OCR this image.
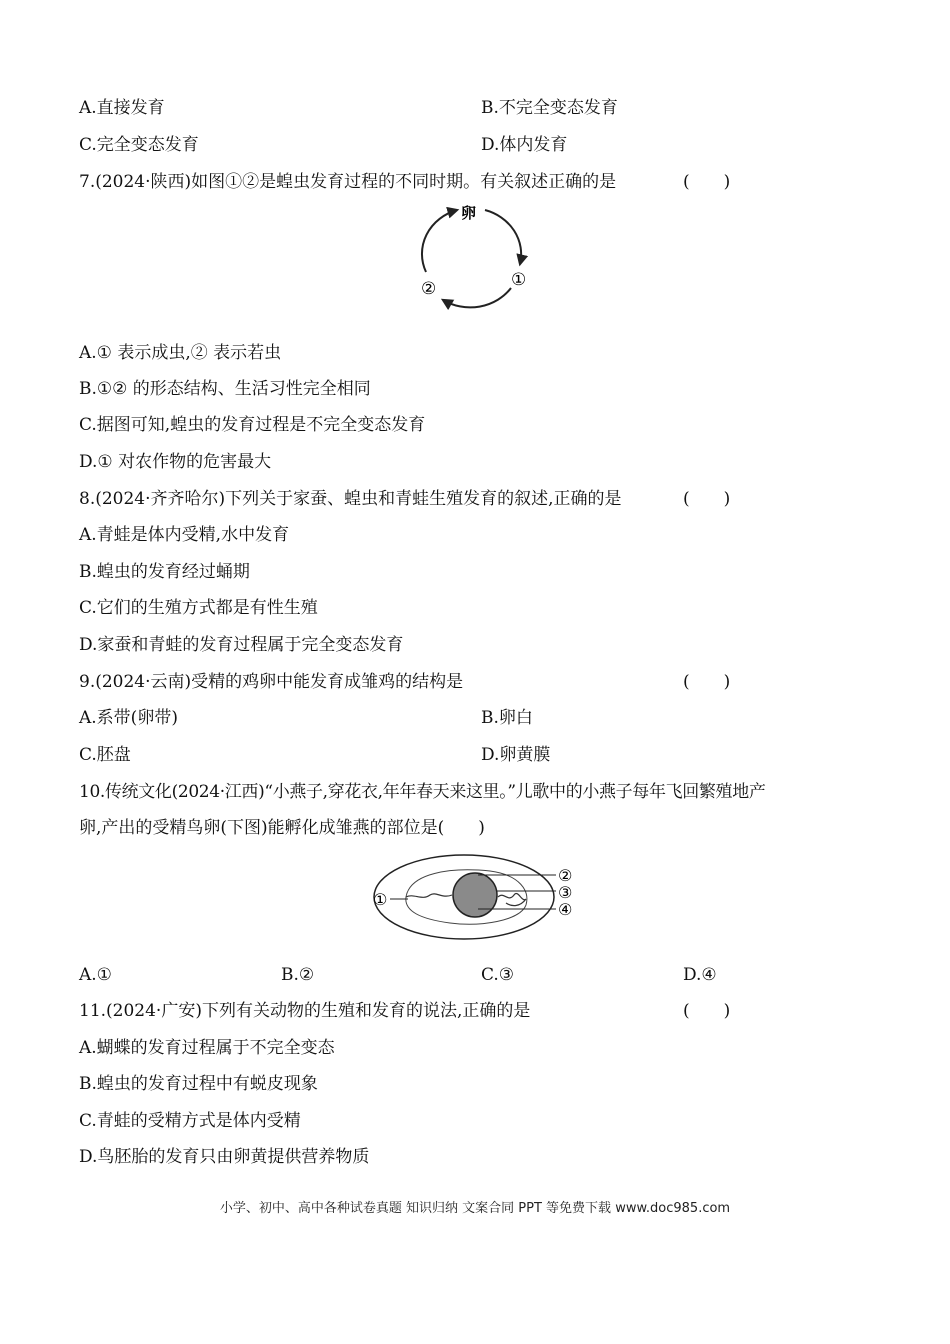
A.直接发育	B.不完全变态发育
C.完全变态发育	D.体内发育
7.(2024·陕西)如图①②是蝗虫发育过程的不同时期。有关叙述正确的是	(　　)
卵
①
②
A.① 表示成虫,② 表示若虫
B.①② 的形态结构、生活习性完全相同
C.据图可知,蝗虫的发育过程是不完全变态发育
D.① 对农作物的危害最大
8.(2024·齐齐哈尔)下列关于家蚕、蝗虫和青蛙生殖发育的叙述,正确的是	(　　)
A.青蛙是体内受精,水中发育
B.蝗虫的发育经过蛹期
C.它们的生殖方式都是有性生殖
D.家蚕和青蛙的发育过程属于完全变态发育
9.(2024·云南)受精的鸡卵中能发育成雏鸡的结构是	(　　)
A.系带(卵带)	B.卵白
C.胚盘	D.卵黄膜
10.传统文化(2024·江西)“小燕子,穿花衣,年年春天来这里。”儿歌中的小燕子每年飞回繁殖地产
卵,产出的受精鸟卵(下图)能孵化成雏燕的部位是(　　)
①
②
③
④
A.①	B.②	C.③	D.④
11.(2024·广安)下列有关动物的生殖和发育的说法,正确的是	(　　)
A.蝴蝶的发育过程属于不完全变态
B.蝗虫的发育过程中有蜕皮现象
C.青蛙的受精方式是体内受精
D.鸟胚胎的发育只由卵黄提供营养物质
小学、初中、高中各种试卷真题 知识归纳 文案合同 PPT 等免费下载 www.doc985.com
